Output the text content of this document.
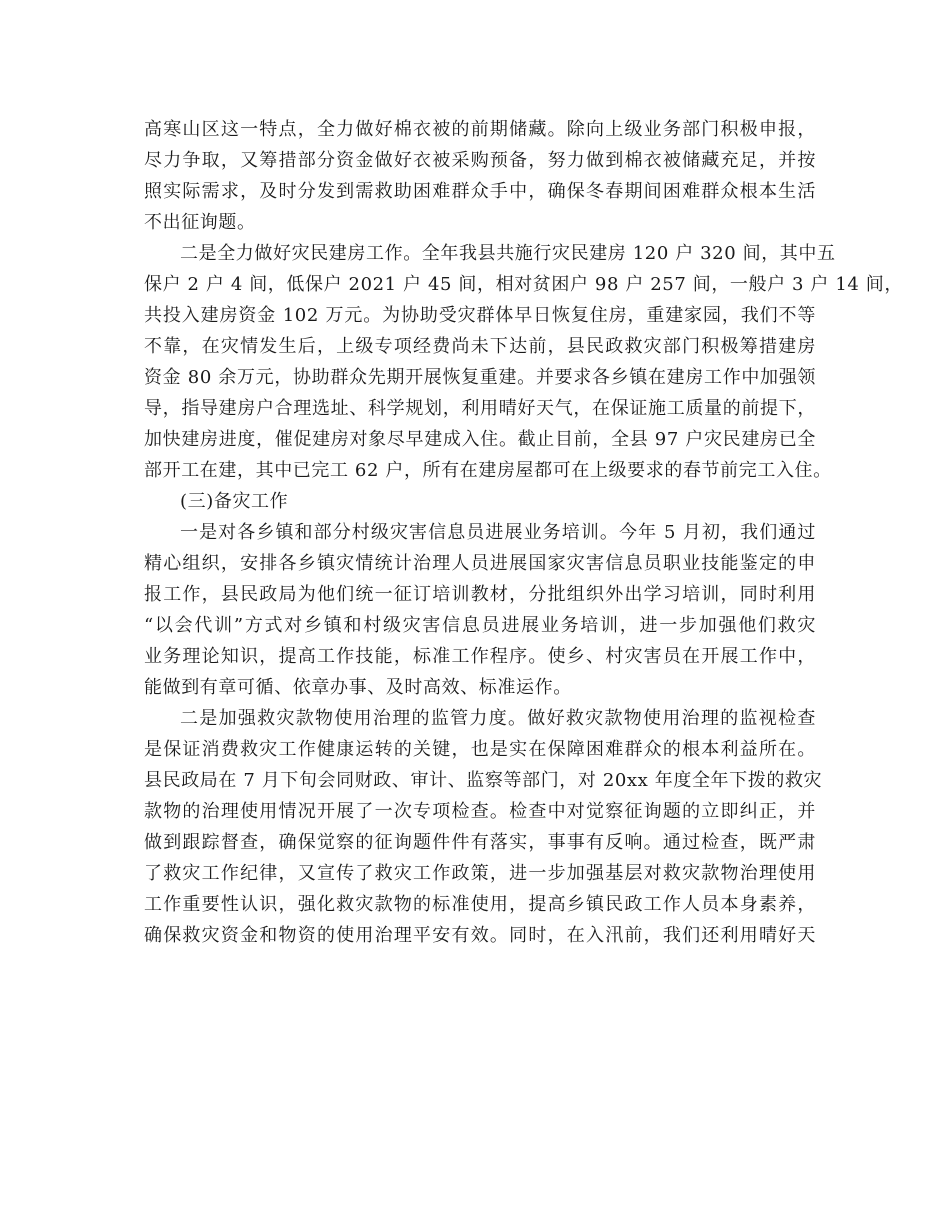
高寒山区这一特点，全力做好棉衣被的前期储藏。除向上级业务部门积极申报，
尽力争取，又筹措部分资金做好衣被采购预备，努力做到棉衣被储藏充足，并按
照实际需求，及时分发到需救助困难群众手中，确保冬春期间困难群众根本生活
不出征询题。
二是全力做好灾民建房工作。全年我县共施行灾民建房 120 户 320 间，其中五
保户 2 户 4 间，低保户 2021 户 45 间，相对贫困户 98 户 257 间，一般户 3 户 14 间，
共投入建房资金 102 万元。为协助受灾群体早日恢复住房，重建家园，我们不等
不靠，在灾情发生后，上级专项经费尚未下达前，县民政救灾部门积极筹措建房
资金 80 余万元，协助群众先期开展恢复重建。并要求各乡镇在建房工作中加强领
导，指导建房户合理选址、科学规划，利用晴好天气，在保证施工质量的前提下，
加快建房进度，催促建房对象尽早建成入住。截止目前，全县 97 户灾民建房已全
部开工在建，其中已完工 62 户，所有在建房屋都可在上级要求的春节前完工入住。
(三)备灾工作
一是对各乡镇和部分村级灾害信息员进展业务培训。今年 5 月初，我们通过
精心组织，安排各乡镇灾情统计治理人员进展国家灾害信息员职业技能鉴定的申
报工作，县民政局为他们统一征订培训教材，分批组织外出学习培训，同时利用
“以会代训”方式对乡镇和村级灾害信息员进展业务培训，进一步加强他们救灾
业务理论知识，提高工作技能，标准工作程序。使乡、村灾害员在开展工作中，
能做到有章可循、依章办事、及时高效、标准运作。
二是加强救灾款物使用治理的监管力度。做好救灾款物使用治理的监视检查
是保证消费救灾工作健康运转的关键，也是实在保障困难群众的根本利益所在。
县民政局在 7 月下旬会同财政、审计、监察等部门，对 20xx 年度全年下拨的救灾
款物的治理使用情况开展了一次专项检查。检查中对觉察征询题的立即纠正，并
做到跟踪督查，确保觉察的征询题件件有落实，事事有反响。通过检查，既严肃
了救灾工作纪律，又宣传了救灾工作政策，进一步加强基层对救灾款物治理使用
工作重要性认识，强化救灾款物的标准使用，提高乡镇民政工作人员本身素养，
确保救灾资金和物资的使用治理平安有效。同时，在入汛前，我们还利用晴好天
